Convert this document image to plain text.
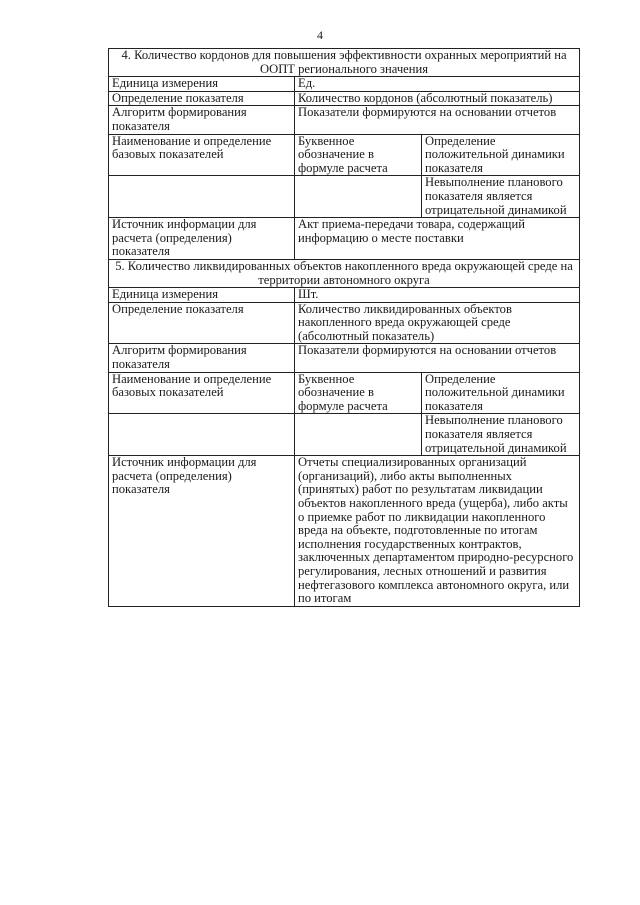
4
4. Количество кордонов для повышения эффективности охранных мероприятий на ООПТ регионального значения		
Единица измерения	Ед.	
Определение показателя	Количество кордонов (абсолютный показатель)	
Алгоритм формирования показателя	Показатели формируются на основании отчетов	
Наименование и определение базовых показателей	Буквенное обозначение в формуле расчета	Определение положительной динамики показателя
		Невыполнение планового показателя является отрицательной динамикой
Источник информации для расчета (определения) показателя	Акт приема-передачи товара, содержащий информацию о месте поставки	
5. Количество ликвидированных объектов накопленного вреда окружающей среде на территории автономного округа		
Единица измерения	Шт.	
Определение показателя	Количество ликвидированных объектов накопленного вреда окружающей среде (абсолютный показатель)	
Алгоритм формирования показателя	Показатели формируются на основании отчетов	
Наименование и определение базовых показателей	Буквенное обозначение в формуле расчета	Определение положительной динамики показателя
		Невыполнение планового показателя является отрицательной динамикой
Источник информации для расчета (определения) показателя	Отчеты специализированных организаций (организаций), либо акты выполненных (принятых) работ по результатам ликвидации объектов накопленного вреда (ущерба), либо акты о приемке работ по ликвидации накопленного вреда на объекте, подготовленные по итогам исполнения государственных контрактов, заключенных департаментом природно-ресурсного регулирования, лесных отношений и развития нефтегазового комплекса автономного округа, или по итогам	
